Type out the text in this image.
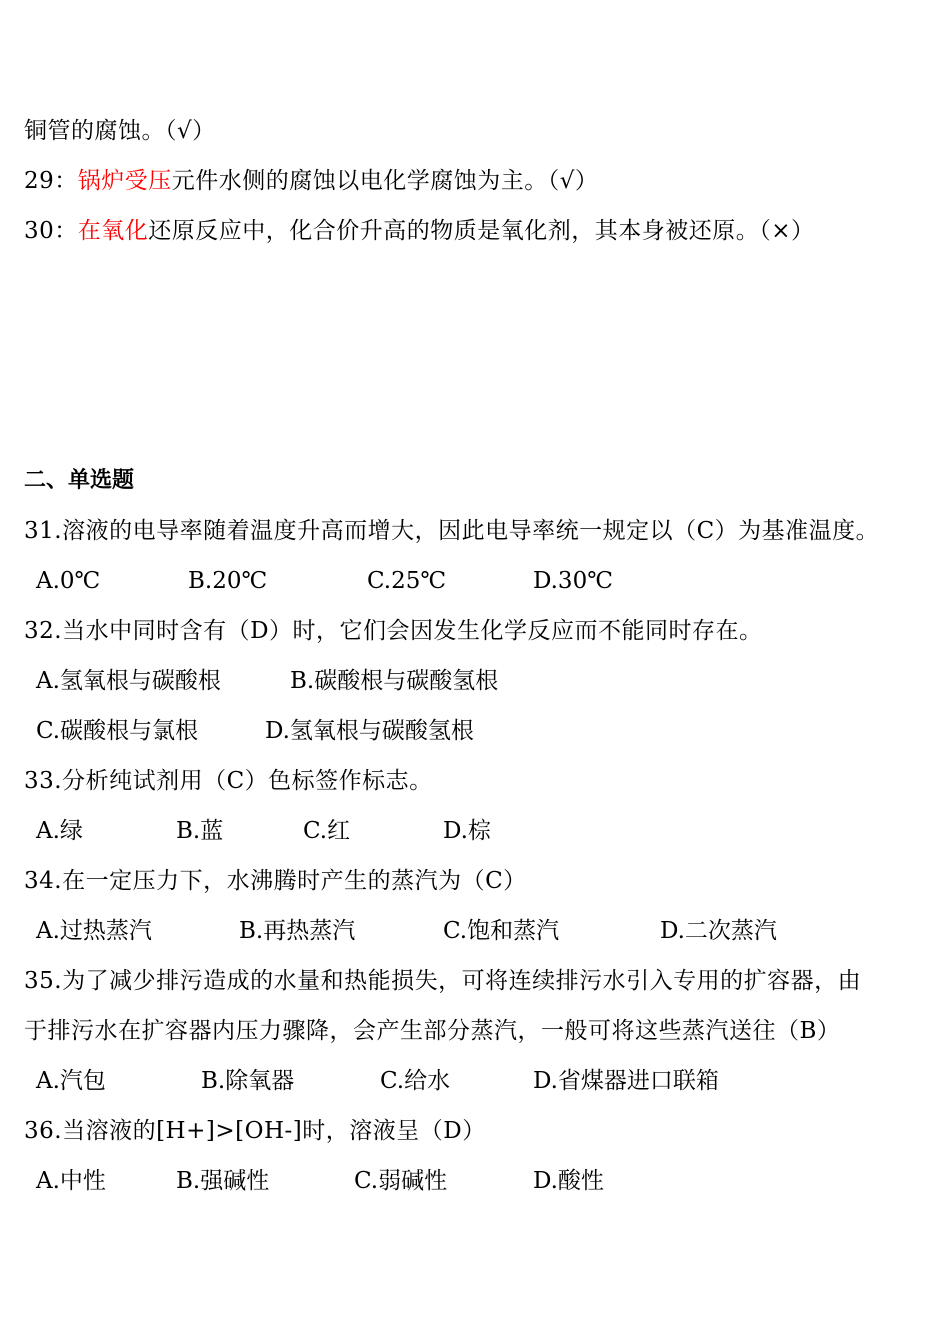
铜管的腐蚀。（√）
29：锅炉受压元件水侧的腐蚀以电化学腐蚀为主。（√）
30：在氧化还原反应中，化合价升高的物质是氧化剂，其本身被还原。（×）
二、单选题
31.溶液的电导率随着温度升高而增大，因此电导率统一规定以（C）为基准温度。
A.0℃	B.20℃	C.25℃	D.30℃
32.当水中同时含有（D）时，它们会因发生化学反应而不能同时存在。
A.氢氧根与碳酸根	B.碳酸根与碳酸氢根
C.碳酸根与氯根	D.氢氧根与碳酸氢根
33.分析纯试剂用（C）色标签作标志。
A.绿	B.蓝	C.红	D.棕
34.在一定压力下，水沸腾时产生的蒸汽为（C）
A.过热蒸汽	B.再热蒸汽	C.饱和蒸汽	D.二次蒸汽
35.为了减少排污造成的水量和热能损失，可将连续排污水引入专用的扩容器，由
于排污水在扩容器内压力骤降，会产生部分蒸汽，一般可将这些蒸汽送往（B）
A.汽包	B.除氧器	C.给水	D.省煤器进口联箱
36.当溶液的[H+]>[OH-]时，溶液呈（D）
A.中性	B.强碱性	C.弱碱性	D.酸性
